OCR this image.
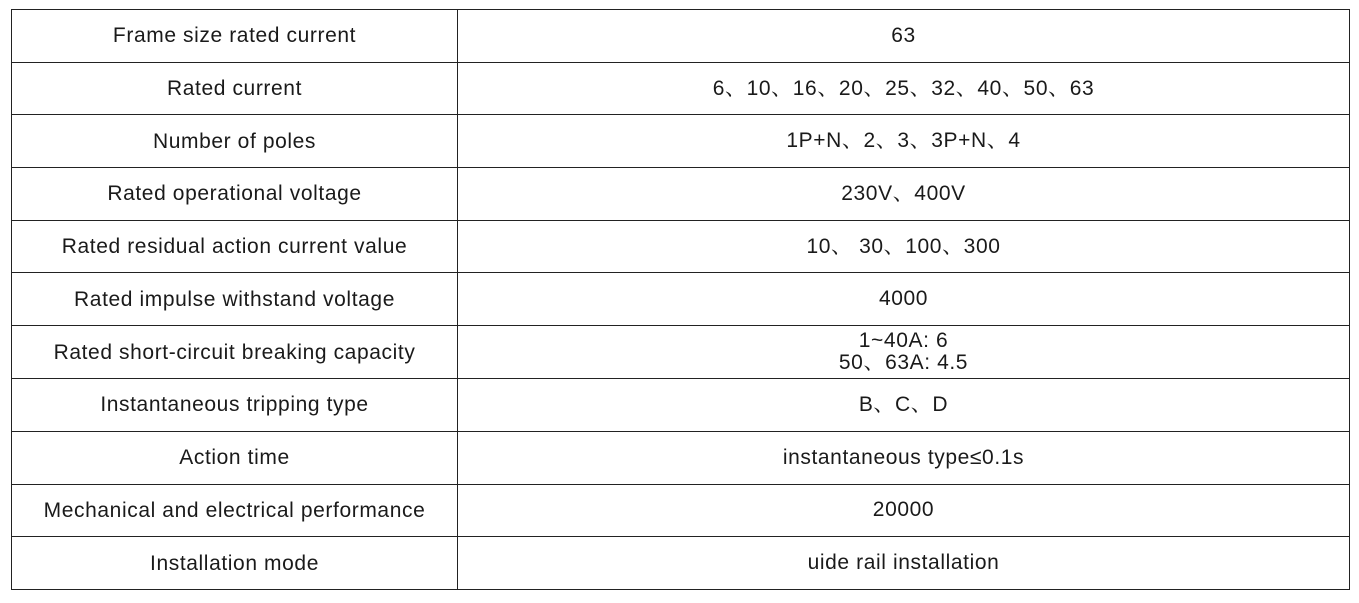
Frame size rated current	63

Rated current	6、10、16、20、25、32、40、50、63

Number of poles	1P+N、2、3、3P+N、4

Rated operational voltage	230V、400V

Rated residual action current value	10、 30、100、300

Rated impulse withstand voltage	4000

Rated short-circuit breaking capacity	1~40A: 6
50、63A: 4.5

Instantaneous tripping type	B、C、D

Action time	instantaneous type≤0.1s

Mechanical and electrical performance	20000

Installation mode	uide rail installation
